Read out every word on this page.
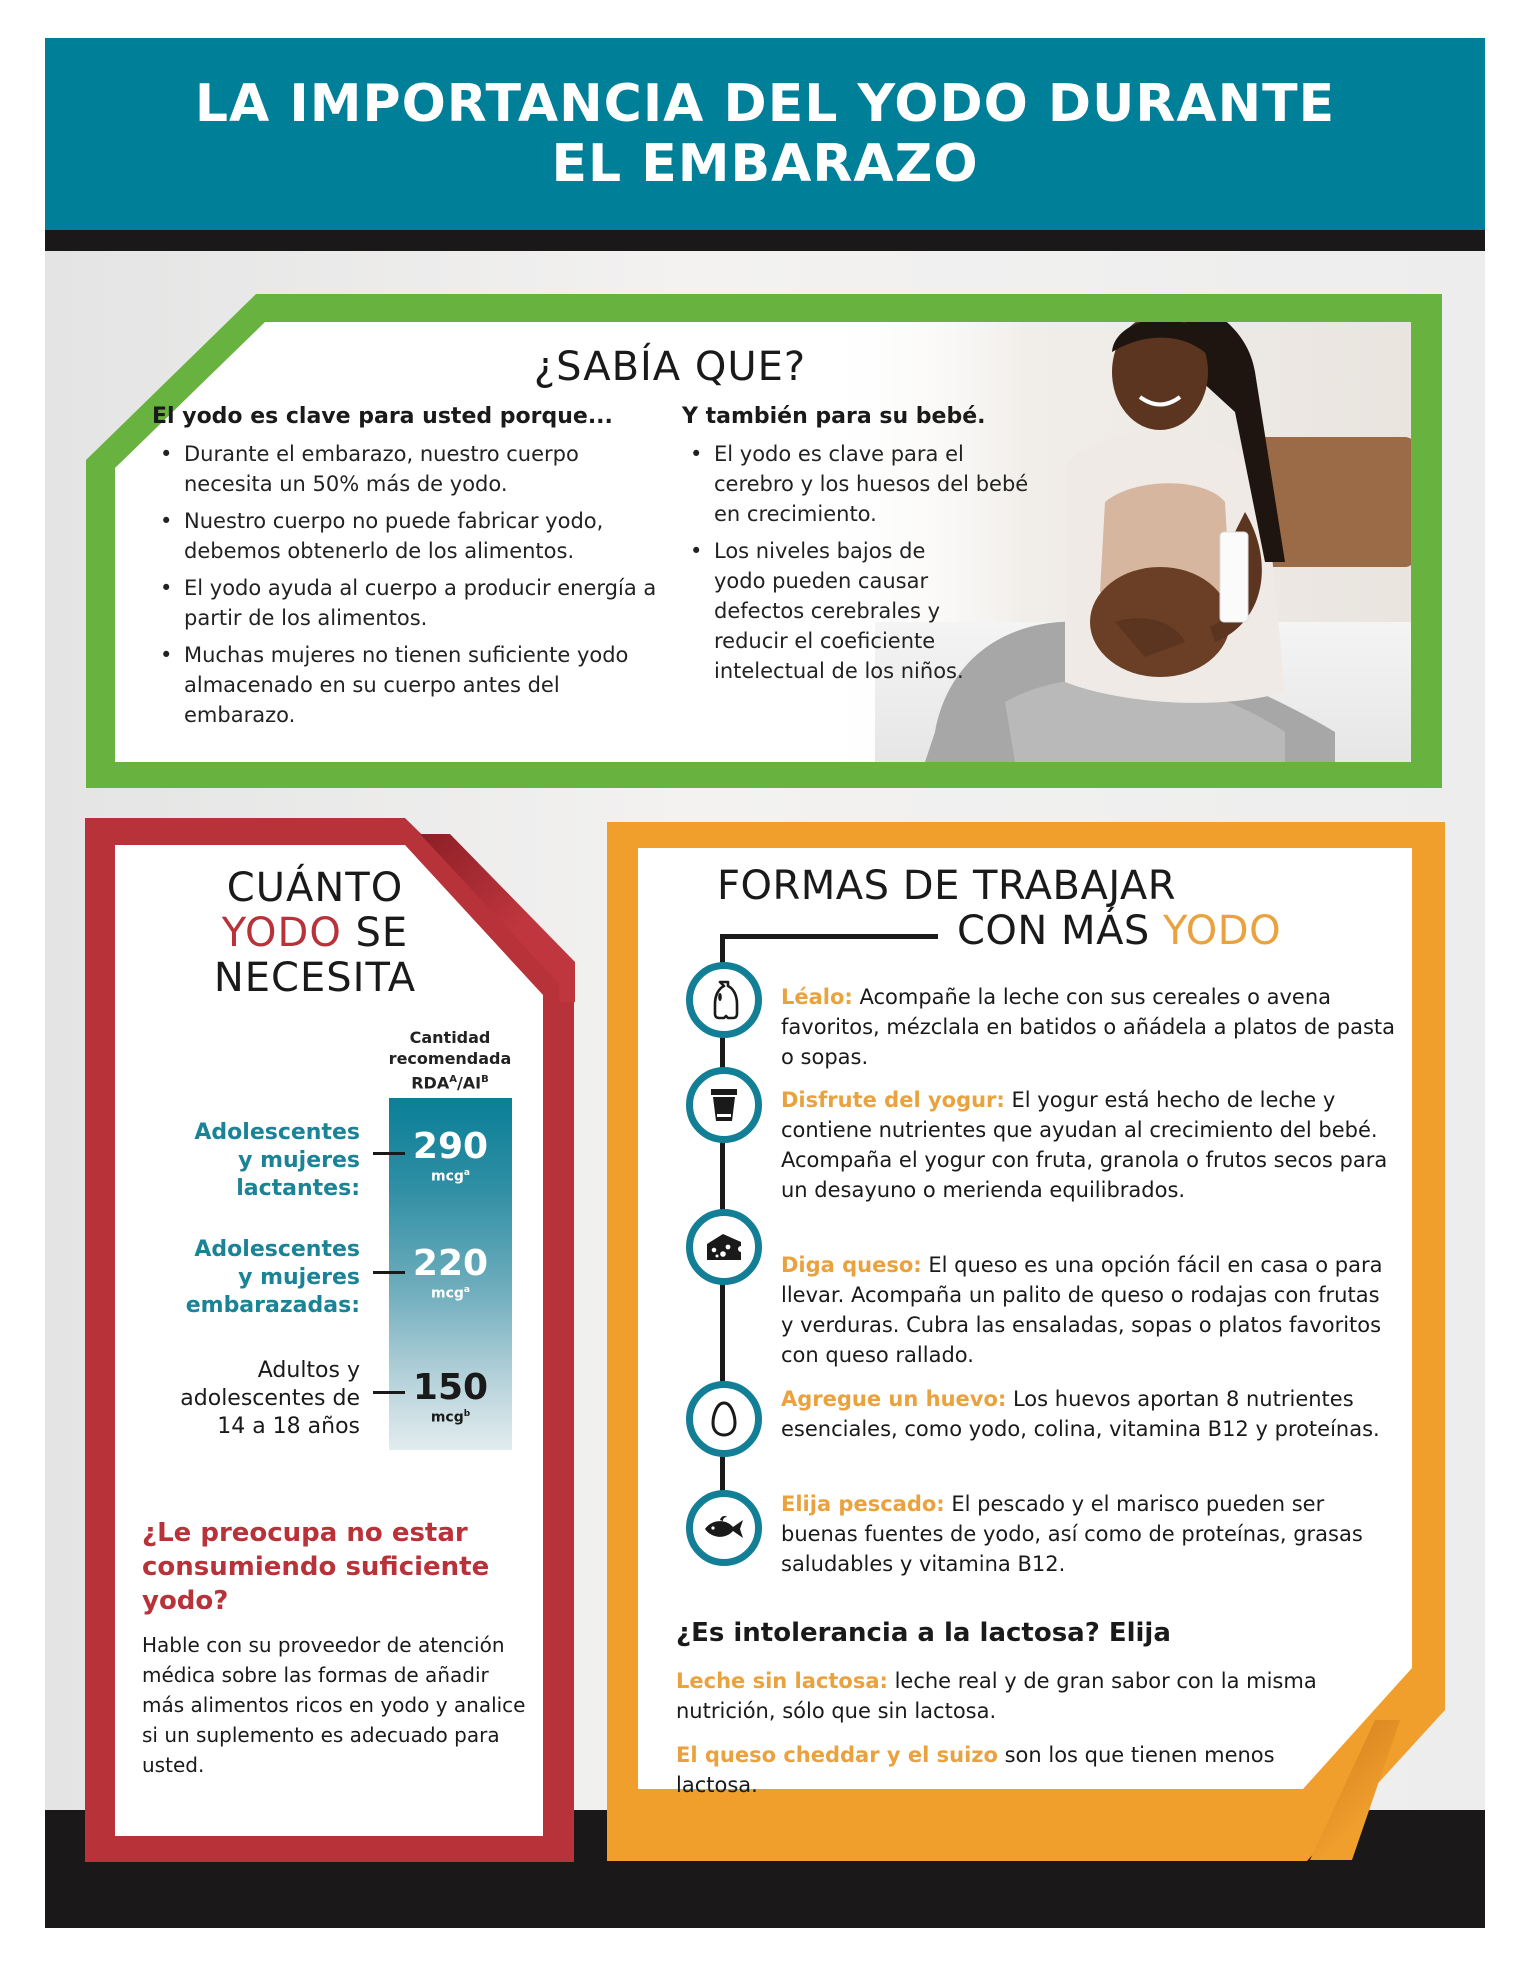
LA IMPORTANCIA DEL YODO DURANTE
EL EMBARAZO
¿SABÍA QUE?
El yodo es clave para usted porque...
• Durante el embarazo, nuestro cuerpo necesita un 50% más de yodo.
• Nuestro cuerpo no puede fabricar yodo, debemos obtenerlo de los alimentos.
• El yodo ayuda al cuerpo a producir energía a partir de los alimentos.
• Muchas mujeres no tienen suficiente yodo almacenado en su cuerpo antes del embarazo.
Y también para su bebé.
• El yodo es clave para el cerebro y los huesos del bebé en crecimiento.
• Los niveles bajos de yodo pueden causar defectos cerebrales y reducir el coeficiente intelectual de los niños.
CUÁNTO
YODO SE
NECESITA
Cantidad
recomendada
$RDA^A/AI^B$
Adolescentes
y mujeres
lactantes:
290
mcg$^a$
Adolescentes
y mujeres
embarazadas:
220
mcg$^a$
Adultos y
adolescentes de
14 a 18 años
150
mcg$^b$
¿Le preocupa no estar consumiendo suficiente yodo?
Hable con su proveedor de atención médica sobre las formas de añadir más alimentos ricos en yodo y analice si un suplemento es adecuado para usted.
FORMAS DE TRABAJAR
CON MÁS YODO
Léalo: Acompañe la leche con sus cereales o avena favoritos, mézclala en batidos o añádela a platos de pasta o sopas.
Disfrute del yogur: El yogur está hecho de leche y contiene nutrientes que ayudan al crecimiento del bebé. Acompaña el yogur con fruta, granola o frutos secos para un desayuno o merienda equilibrados.
Diga queso: El queso es una opción fácil en casa o para llevar. Acompaña un palito de queso o rodajas con frutas y verduras. Cubra las ensaladas, sopas o platos favoritos con queso rallado.
Agregue un huevo: Los huevos aportan 8 nutrientes esenciales, como yodo, colina, vitamina B12 y proteínas.
Elija pescado: El pescado y el marisco pueden ser buenas fuentes de yodo, así como de proteínas, grasas saludables y vitamina B12.
¿Es intolerancia a la lactosa? Elija
Leche sin lactosa: leche real y de gran sabor con la misma nutrición, sólo que sin lactosa.
El queso cheddar y el suizo son los que tienen menos lactosa.
